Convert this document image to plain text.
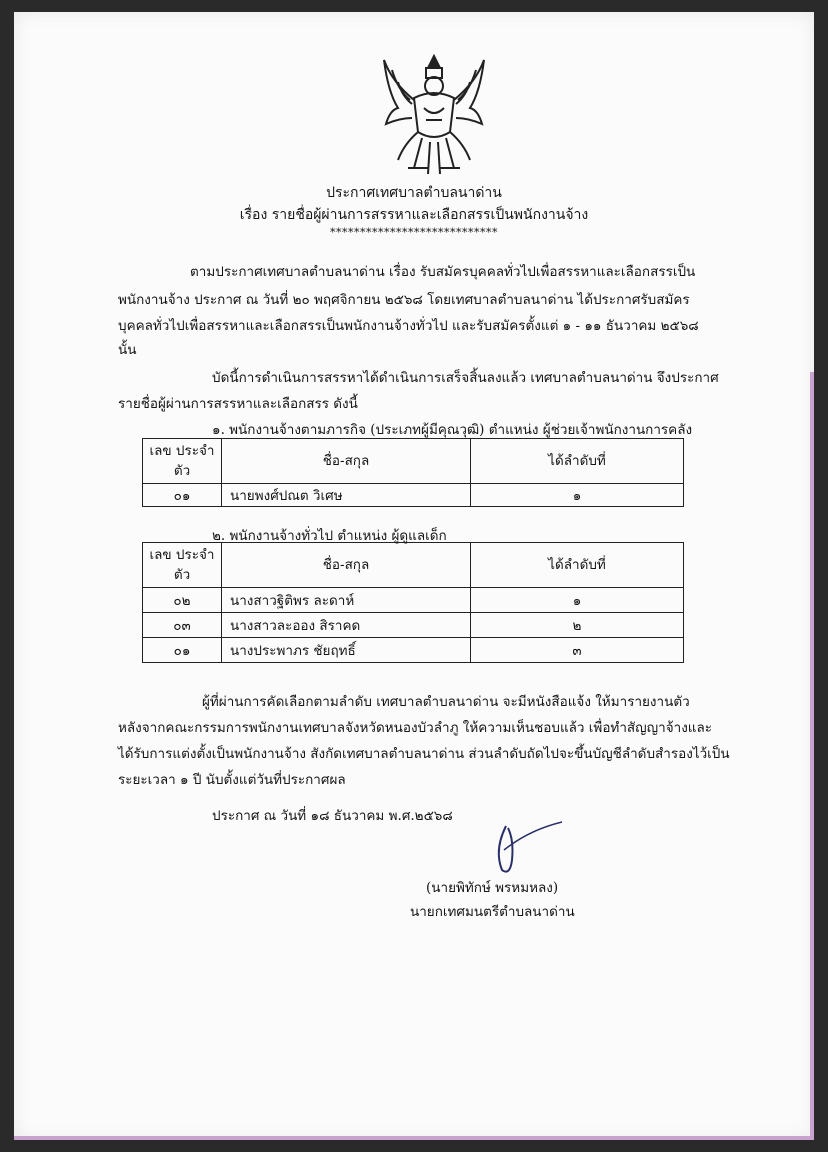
ประกาศเทศบาลตำบลนาด่าน
เรื่อง รายชื่อผู้ผ่านการสรรหาและเลือกสรรเป็นพนักงานจ้าง
****************************
ตามประกาศเทศบาลตำบลนาด่าน เรื่อง รับสมัครบุคคลทั่วไปเพื่อสรรหาและเลือกสรรเป็น
พนักงานจ้าง ประกาศ ณ วันที่ ๒๐ พฤศจิกายน ๒๕๖๘ โดยเทศบาลตำบลนาด่าน ได้ประกาศรับสมัคร
บุคคลทั่วไปเพื่อสรรหาและเลือกสรรเป็นพนักงานจ้างทั่วไป และรับสมัครตั้งแต่ ๑ - ๑๑ ธันวาคม ๒๕๖๘
นั้น
บัดนี้การดำเนินการสรรหาได้ดำเนินการเสร็จสิ้นลงแล้ว เทศบาลตำบลนาด่าน จึงประกาศ
รายชื่อผู้ผ่านการสรรหาและเลือกสรร ดังนี้
๑. พนักงานจ้างตามภารกิจ (ประเภทผู้มีคุณวุฒิ) ตำแหน่ง ผู้ช่วยเจ้าพนักงานการคลัง
เลข ประจำตัว	ชื่อ-สกุล	ได้ลำดับที่
๐๑	นายพงศ์ปณต วิเศษ	๑
๒. พนักงานจ้างทั่วไป ตำแหน่ง ผู้ดูแลเด็ก
เลข ประจำตัว	ชื่อ-สกุล	ได้ลำดับที่
๐๒	นางสาวฐิติพร ละดาห์	๑
๐๓	นางสาวละออง สิราคด	๒
๐๑	นางประพาภร ชัยฤทธิ์	๓
ผู้ที่ผ่านการคัดเลือกตามลำดับ เทศบาลตำบลนาด่าน จะมีหนังสือแจ้ง ให้มารายงานตัว
หลังจากคณะกรรมการพนักงานเทศบาลจังหวัดหนองบัวลำภู ให้ความเห็นชอบแล้ว เพื่อทำสัญญาจ้างและ
ได้รับการแต่งตั้งเป็นพนักงานจ้าง สังกัดเทศบาลตำบลนาด่าน ส่วนลำดับถัดไปจะขึ้นบัญชีลำดับสำรองไว้เป็น
ระยะเวลา ๑ ปี นับตั้งแต่วันที่ประกาศผล
ประกาศ ณ วันที่ ๑๘ ธันวาคม พ.ศ.๒๕๖๘
(นายพิทักษ์ พรหมหลง)
นายกเทศมนตรีตำบลนาด่าน
